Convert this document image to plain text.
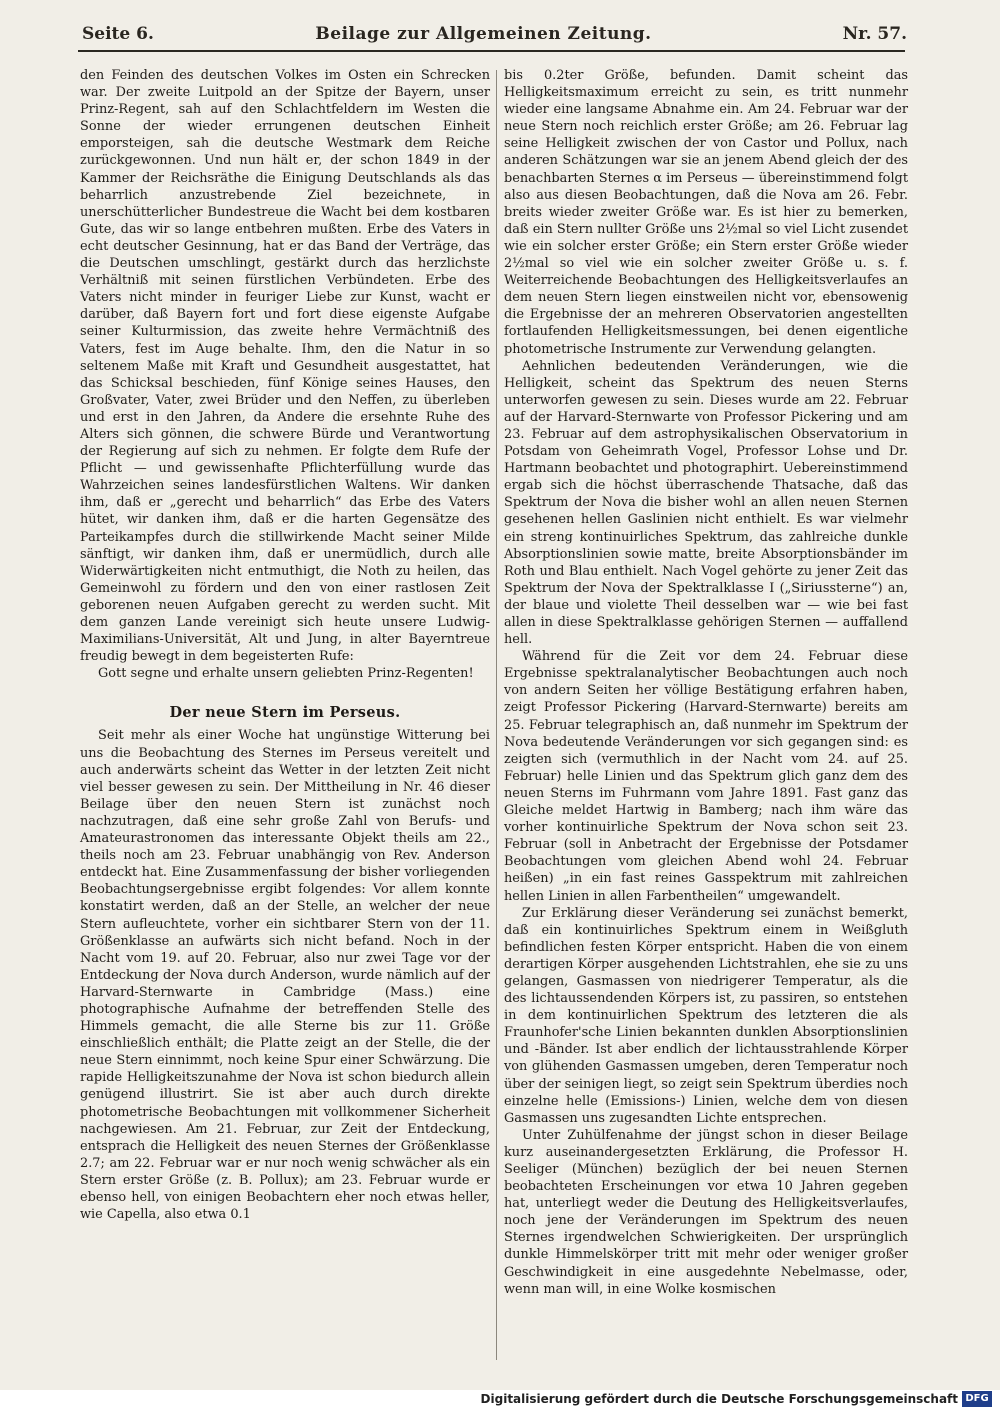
Seite 6.	Beilage zur Allgemeinen Zeitung.	Nr. 57.

den Feinden des deutschen Volkes im Osten ein Schrecken war. Der zweite Luitpold an der Spitze der Bayern, unser Prinz-Regent, sah auf den Schlachtfeldern im Westen die Sonne der wieder errungenen deutschen Einheit emporsteigen, sah die deutsche Westmark dem Reiche zurückgewonnen. Und nun hält er, der schon 1849 in der Kammer der Reichsräthe die Einigung Deutschlands als das beharrlich anzustrebende Ziel bezeichnete, in unerschütterlicher Bundestreue die Wacht bei dem kostbaren Gute, das wir so lange entbehren mußten. Erbe des Vaters in echt deutscher Gesinnung, hat er das Band der Verträge, das die Deutschen umschlingt, gestärkt durch das herzlichste Verhältniß mit seinen fürstlichen Verbündeten. Erbe des Vaters nicht minder in feuriger Liebe zur Kunst, wacht er darüber, daß Bayern fort und fort diese eigenste Aufgabe seiner Kulturmission, das zweite hehre Vermächtniß des Vaters, fest im Auge behalte. Ihm, den die Natur in so seltenem Maße mit Kraft und Gesundheit ausgestattet, hat das Schicksal beschieden, fünf Könige seines Hauses, den Großvater, Vater, zwei Brüder und den Neffen, zu überleben und erst in den Jahren, da Andere die ersehnte Ruhe des Alters sich gönnen, die schwere Bürde und Verantwortung der Regierung auf sich zu nehmen. Er folgte dem Rufe der Pflicht — und gewissenhafte Pflichterfüllung wurde das Wahrzeichen seines landesfürstlichen Waltens. Wir danken ihm, daß er „gerecht und beharrlich“ das Erbe des Vaters hütet, wir danken ihm, daß er die harten Gegensätze des Parteikampfes durch die stillwirkende Macht seiner Milde sänftigt, wir danken ihm, daß er unermüdlich, durch alle Widerwärtigkeiten nicht entmuthigt, die Noth zu heilen, das Gemeinwohl zu fördern und den von einer rastlosen Zeit geborenen neuen Aufgaben gerecht zu werden sucht. Mit dem ganzen Lande vereinigt sich heute unsere Ludwig-Maximilians-Universität, Alt und Jung, in alter Bayerntreue freudig bewegt in dem begeisterten Rufe:

Gott segne und erhalte unsern geliebten Prinz-Regenten!

Der neue Stern im Perseus.

Seit mehr als einer Woche hat ungünstige Witterung bei uns die Beobachtung des Sternes im Perseus vereitelt und auch anderwärts scheint das Wetter in der letzten Zeit nicht viel besser gewesen zu sein. Der Mittheilung in Nr. 46 dieser Beilage über den neuen Stern ist zunächst noch nachzutragen, daß eine sehr große Zahl von Berufs- und Amateurastronomen das interessante Objekt theils am 22., theils noch am 23. Februar unabhängig von Rev. Anderson entdeckt hat. Eine Zusammenfassung der bisher vorliegenden Beobachtungsergebnisse ergibt folgendes: Vor allem konnte konstatirt werden, daß an der Stelle, an welcher der neue Stern aufleuchtete, vorher ein sichtbarer Stern von der 11. Größenklasse an aufwärts sich nicht befand. Noch in der Nacht vom 19. auf 20. Februar, also nur zwei Tage vor der Entdeckung der Nova durch Anderson, wurde nämlich auf der Harvard-Sternwarte in Cambridge (Mass.) eine photographische Aufnahme der betreffenden Stelle des Himmels gemacht, die alle Sterne bis zur 11. Größe einschließlich enthält; die Platte zeigt an der Stelle, die der neue Stern einnimmt, noch keine Spur einer Schwärzung. Die rapide Helligkeitszunahme der Nova ist schon biedurch allein genügend illustrirt. Sie ist aber auch durch direkte photometrische Beobachtungen mit vollkommener Sicherheit nachgewiesen. Am 21. Februar, zur Zeit der Entdeckung, entsprach die Helligkeit des neuen Sternes der Größenklasse 2.7; am 22. Februar war er nur noch wenig schwächer als ein Stern erster Größe (z. B. Pollux); am 23. Februar wurde er ebenso hell, von einigen Beobachtern eher noch etwas heller, wie Capella, also etwa 0.1

bis 0.2ter Größe, befunden. Damit scheint das Helligkeitsmaximum erreicht zu sein, es tritt nunmehr wieder eine langsame Abnahme ein. Am 24. Februar war der neue Stern noch reichlich erster Größe; am 26. Februar lag seine Helligkeit zwischen der von Castor und Pollux, nach anderen Schätzungen war sie an jenem Abend gleich der des benachbarten Sternes α im Perseus — übereinstimmend folgt also aus diesen Beobachtungen, daß die Nova am 26. Febr. breits wieder zweiter Größe war. Es ist hier zu bemerken, daß ein Stern nullter Größe uns 2½mal so viel Licht zusendet wie ein solcher erster Größe; ein Stern erster Größe wieder 2½mal so viel wie ein solcher zweiter Größe u. s. f. Weiterreichende Beobachtungen des Helligkeitsverlaufes an dem neuen Stern liegen einstweilen nicht vor, ebensowenig die Ergebnisse der an mehreren Observatorien angestellten fortlaufenden Helligkeitsmessungen, bei denen eigentliche photometrische Instrumente zur Verwendung gelangten.

Aehnlichen bedeutenden Veränderungen, wie die Helligkeit, scheint das Spektrum des neuen Sterns unterworfen gewesen zu sein. Dieses wurde am 22. Februar auf der Harvard-Sternwarte von Professor Pickering und am 23. Februar auf dem astrophysikalischen Observatorium in Potsdam von Geheimrath Vogel, Professor Lohse und Dr. Hartmann beobachtet und photographirt. Uebereinstimmend ergab sich die höchst überraschende Thatsache, daß das Spektrum der Nova die bisher wohl an allen neuen Sternen gesehenen hellen Gaslinien nicht enthielt. Es war vielmehr ein streng kontinuirliches Spektrum, das zahlreiche dunkle Absorptionslinien sowie matte, breite Absorptionsbänder im Roth und Blau enthielt. Nach Vogel gehörte zu jener Zeit das Spektrum der Nova der Spektralklasse I („Siriussterne“) an, der blaue und violette Theil desselben war — wie bei fast allen in diese Spektralklasse gehörigen Sternen — auffallend hell.

Während für die Zeit vor dem 24. Februar diese Ergebnisse spektralanalytischer Beobachtungen auch noch von andern Seiten her völlige Bestätigung erfahren haben, zeigt Professor Pickering (Harvard-Sternwarte) bereits am 25. Februar telegraphisch an, daß nunmehr im Spektrum der Nova bedeutende Veränderungen vor sich gegangen sind: es zeigten sich (vermuthlich in der Nacht vom 24. auf 25. Februar) helle Linien und das Spektrum glich ganz dem des neuen Sterns im Fuhrmann vom Jahre 1891. Fast ganz das Gleiche meldet Hartwig in Bamberg; nach ihm wäre das vorher kontinuirliche Spektrum der Nova schon seit 23. Februar (soll in Anbetracht der Ergebnisse der Potsdamer Beobachtungen vom gleichen Abend wohl 24. Februar heißen) „in ein fast reines Gasspektrum mit zahlreichen hellen Linien in allen Farbentheilen“ umgewandelt.

Zur Erklärung dieser Veränderung sei zunächst bemerkt, daß ein kontinuirliches Spektrum einem in Weißgluth befindlichen festen Körper entspricht. Haben die von einem derartigen Körper ausgehenden Lichtstrahlen, ehe sie zu uns gelangen, Gasmassen von niedrigerer Temperatur, als die des lichtaussendenden Körpers ist, zu passiren, so entstehen in dem kontinuirlichen Spektrum des letzteren die als Fraunhofer'sche Linien bekannten dunklen Absorptionslinien und -Bänder. Ist aber endlich der lichtausstrahlende Körper von glühenden Gasmassen umgeben, deren Temperatur noch über der seinigen liegt, so zeigt sein Spektrum überdies noch einzelne helle (Emissions-) Linien, welche dem von diesen Gasmassen uns zugesandten Lichte entsprechen.

Unter Zuhülfenahme der jüngst schon in dieser Beilage kurz auseinandergesetzten Erklärung, die Professor H. Seeliger (München) bezüglich der bei neuen Sternen beobachteten Erscheinungen vor etwa 10 Jahren gegeben hat, unterliegt weder die Deutung des Helligkeitsverlaufes, noch jene der Veränderungen im Spektrum des neuen Sternes irgendwelchen Schwierigkeiten. Der ursprünglich dunkle Himmelskörper tritt mit mehr oder weniger großer Geschwindigkeit in eine ausgedehnte Nebelmasse, oder, wenn man will, in eine Wolke kosmischen

Digitalisierung gefördert durch die Deutsche Forschungsgemeinschaft DFG
